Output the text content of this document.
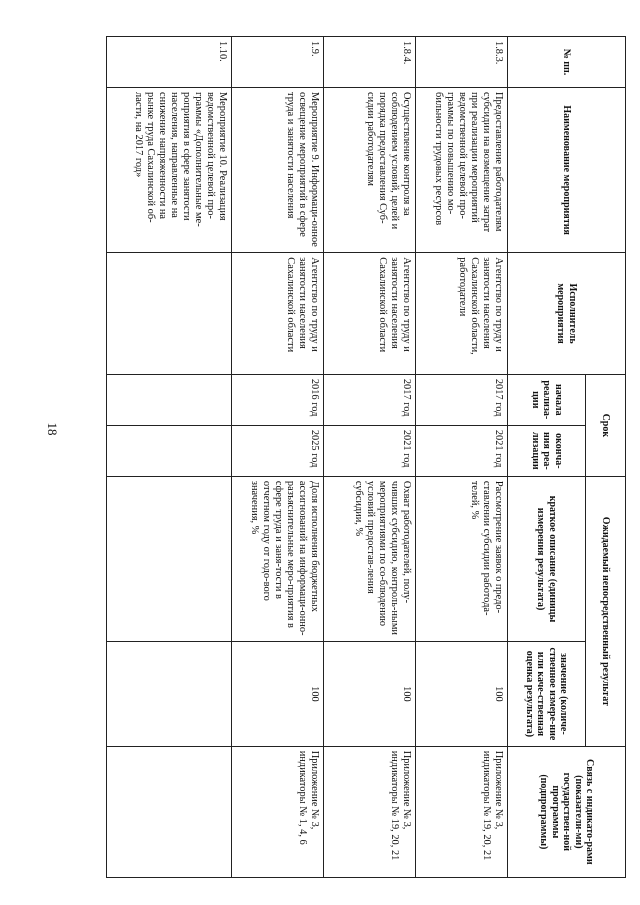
18
№ пп.	Наименование мероприятия	Исполнитель мероприятия	Срок		Ожидаемый непосредственный результат		Связь с индикато-рами (показатели-ми) государствен-ной программы (подпрограммы)
			начала реализа-ции	оконча-ния реа-лизации	краткое описание (единицы измерения результата)	значение (количе-ственное измере-ние или каче-ственная оценка результата)	
1.8.3.	Предоставление работодателям субсидии на возмещение затрат при реализации мероприятий ведомственной целевой про-граммы по повышению мо-бильности трудовых ресурсов	Агентство по труду и занятости населения Сахалинской области, работодатели	2017 год	2021 год	Рассмотрение заявок о предо-ставлении субсидии работода-телей, %	100	Приложение № 3, индикаторы № 19, 20, 21
1.8.4.	Осуществление контроля за соблюдением условий, целей и порядка предоставления Суб-сидии работодателям	Агентство по труду и занятости населения Сахалинской области	2017 год	2021 год	Охват работодателей, полу-чивших субсидию, контроль-ными мероприятиями по со-блюдению условий предостав-ления субсидии, %	100	Приложение № 3, индикаторы № 19, 20, 21
1.9.	Мероприятие 9. Информаци-онное освещение мероприятий в сфере труда и занятости населения	Агентство по труду и занятости населения Сахалинской области	2016 год	2025 год	Доля исполнения бюджетных ассигнований на информаци-онно-разъяснительные меро-приятия в сфере труда и заня-тости в отчетном году от годо-вого значения, %	100	Приложение № 3, индикаторы № 1, 4, 6
1.10.	Мероприятие 10. Реализация ведомственной целевой про-граммы «Дополнительные ме-роприятия в сфере занятости населения, направленные на снижение напряженности на рынке труда Сахалинской об-ласти, на 2017 год»						
